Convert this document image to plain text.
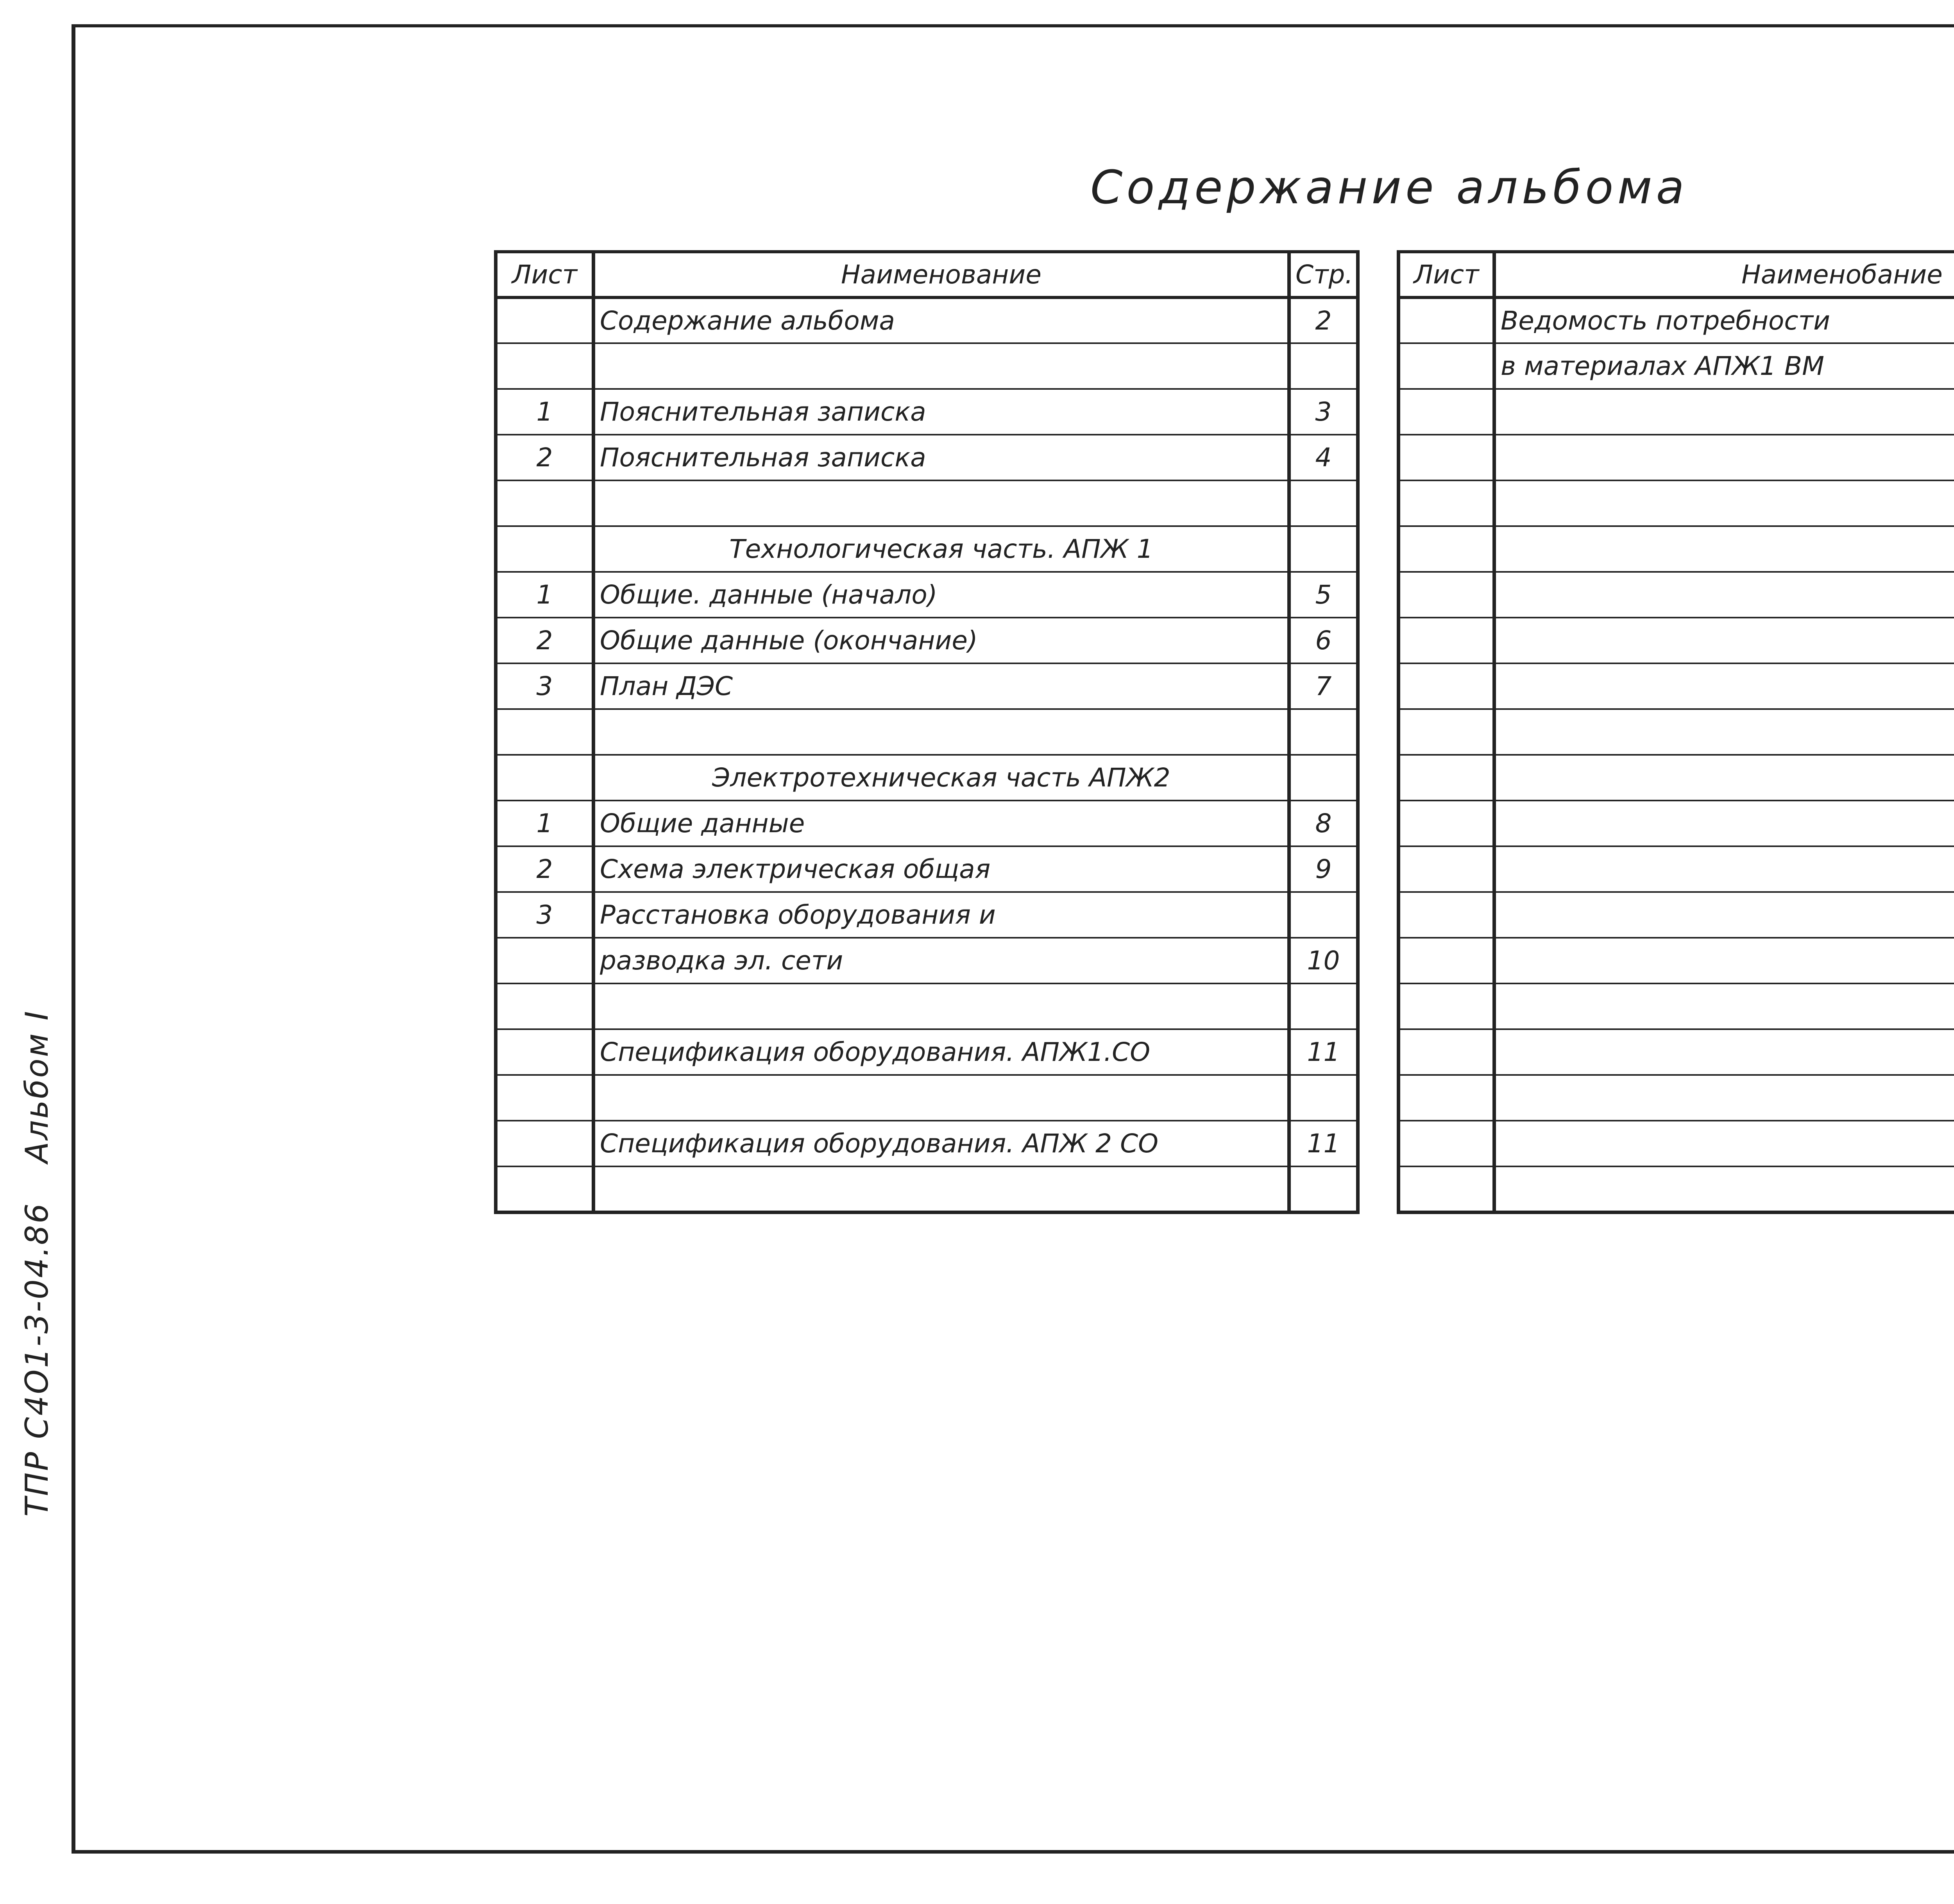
ТПР С4О1-3-04.86 Альбом I
Содержание альбома
Лист	Наименование	Стр.
	Содержание альбома	2

1	Пояснительная записка	3
2	Пояснительная записка	4

	Технологическая часть. АПЖ 1	
1	Общие. данные (начало)	5
2	Общие данные (окончание)	6
3	План ДЭС	7

	Электротехническая часть АПЖ2	
1	Общие данные	8
2	Схема электрическая общая	9
3	Расстановка оборудования и	
	разводка эл. сети	10

	Спецификация оборудования. АПЖ1.СО	11

	Спецификация оборудования. АПЖ 2 СО	11

Лист	Наименобание	
	Ведомость потребности	
	в материалах АПЖ1 ВМ	
